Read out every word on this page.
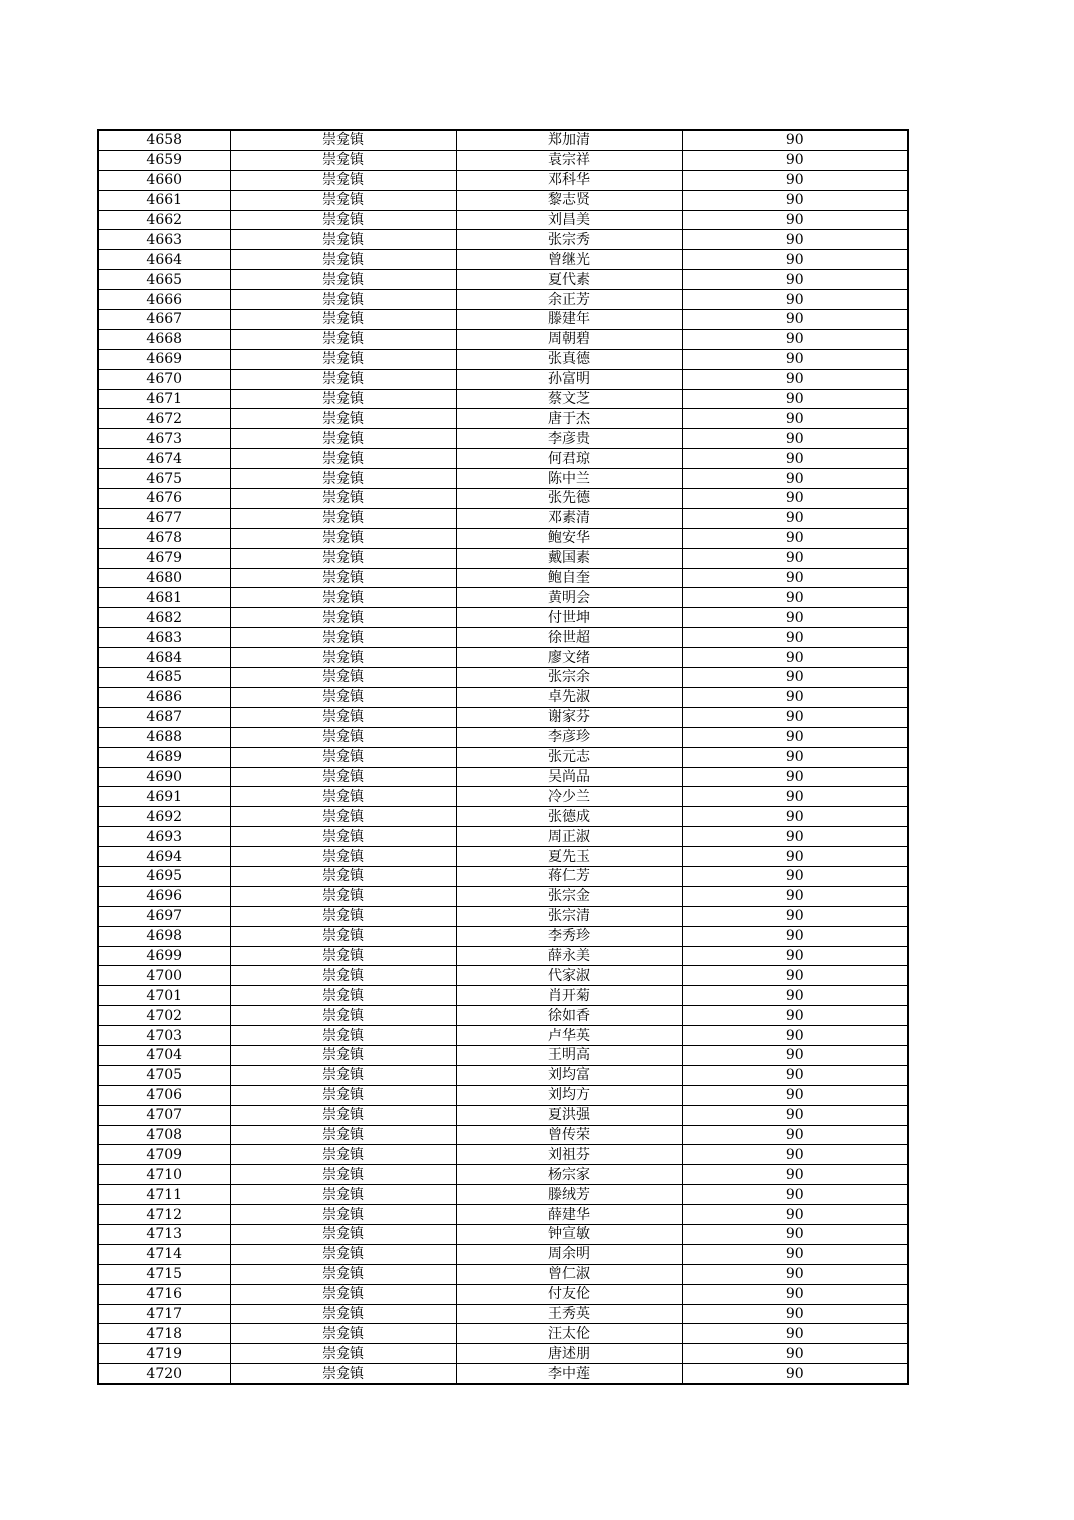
4658	崇龛镇	郑加清	90
4659	崇龛镇	袁宗祥	90
4660	崇龛镇	邓科华	90
4661	崇龛镇	黎志贤	90
4662	崇龛镇	刘昌美	90
4663	崇龛镇	张宗秀	90
4664	崇龛镇	曾继光	90
4665	崇龛镇	夏代素	90
4666	崇龛镇	余正芳	90
4667	崇龛镇	滕建年	90
4668	崇龛镇	周朝碧	90
4669	崇龛镇	张真德	90
4670	崇龛镇	孙富明	90
4671	崇龛镇	蔡文芝	90
4672	崇龛镇	唐于杰	90
4673	崇龛镇	李彦贵	90
4674	崇龛镇	何君琼	90
4675	崇龛镇	陈中兰	90
4676	崇龛镇	张先德	90
4677	崇龛镇	邓素清	90
4678	崇龛镇	鲍安华	90
4679	崇龛镇	戴国素	90
4680	崇龛镇	鲍自奎	90
4681	崇龛镇	黄明会	90
4682	崇龛镇	付世坤	90
4683	崇龛镇	徐世超	90
4684	崇龛镇	廖文绪	90
4685	崇龛镇	张宗余	90
4686	崇龛镇	卓先淑	90
4687	崇龛镇	谢家芬	90
4688	崇龛镇	李彦珍	90
4689	崇龛镇	张元志	90
4690	崇龛镇	吴尚品	90
4691	崇龛镇	冷少兰	90
4692	崇龛镇	张德成	90
4693	崇龛镇	周正淑	90
4694	崇龛镇	夏先玉	90
4695	崇龛镇	蒋仁芳	90
4696	崇龛镇	张宗金	90
4697	崇龛镇	张宗清	90
4698	崇龛镇	李秀珍	90
4699	崇龛镇	薛永美	90
4700	崇龛镇	代家淑	90
4701	崇龛镇	肖开菊	90
4702	崇龛镇	徐如香	90
4703	崇龛镇	卢华英	90
4704	崇龛镇	王明高	90
4705	崇龛镇	刘均富	90
4706	崇龛镇	刘均方	90
4707	崇龛镇	夏洪强	90
4708	崇龛镇	曾传荣	90
4709	崇龛镇	刘祖芬	90
4710	崇龛镇	杨宗家	90
4711	崇龛镇	滕绒芳	90
4712	崇龛镇	薛建华	90
4713	崇龛镇	钟宣敏	90
4714	崇龛镇	周余明	90
4715	崇龛镇	曾仁淑	90
4716	崇龛镇	付友伦	90
4717	崇龛镇	王秀英	90
4718	崇龛镇	汪太伦	90
4719	崇龛镇	唐述朋	90
4720	崇龛镇	李中莲	90
